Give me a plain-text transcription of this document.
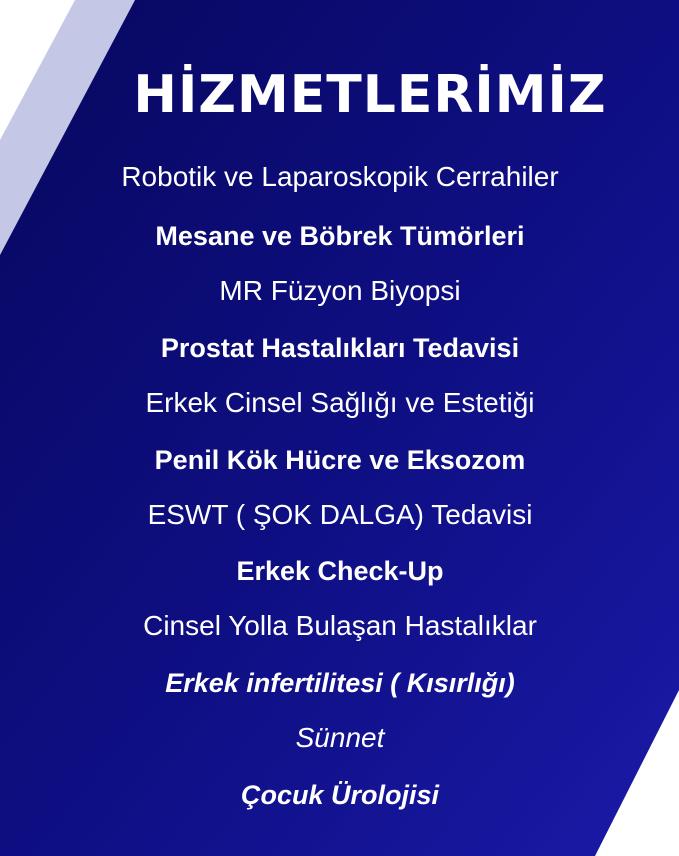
HİZMETLERİMİZ
Robotik ve Laparoskopik Cerrahiler
Mesane ve Böbrek Tümörleri
MR Füzyon Biyopsi
Prostat Hastalıkları Tedavisi
Erkek Cinsel Sağlığı ve Estetiği
Penil Kök Hücre ve Eksozom
ESWT ( ŞOK DALGA) Tedavisi
Erkek Check-Up
Cinsel Yolla Bulaşan Hastalıklar
Erkek infertilitesi ( Kısırlığı)
Sünnet
Çocuk Ürolojisi
